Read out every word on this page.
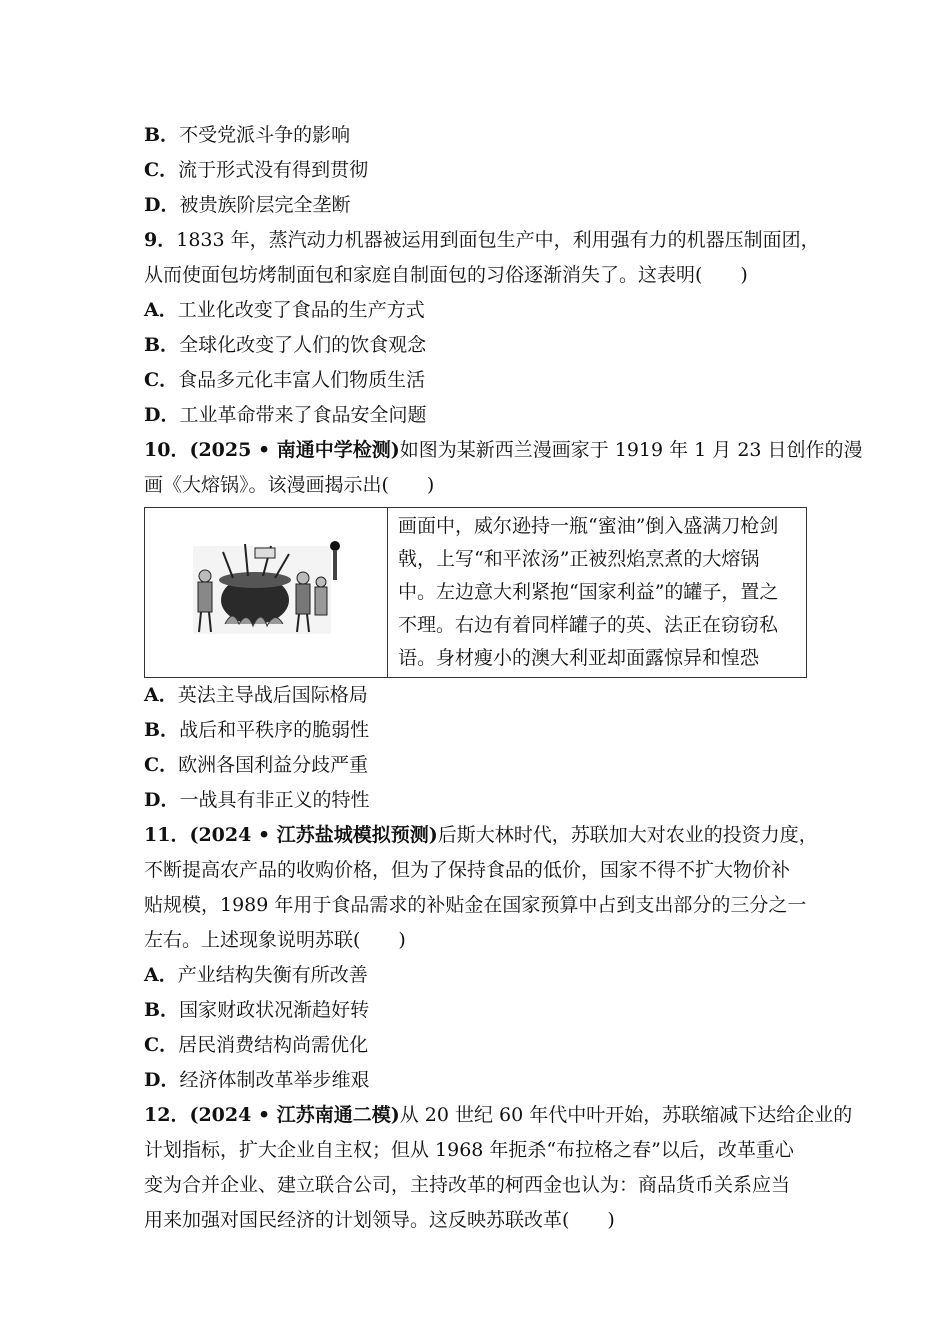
B．不受党派斗争的影响
C．流于形式没有得到贯彻
D．被贵族阶层完全垄断
9．1833 年，蒸汽动力机器被运用到面包生产中，利用强有力的机器压制面团，
从而使面包坊烤制面包和家庭自制面包的习俗逐渐消失了。这表明(　　)
A．工业化改变了食品的生产方式
B．全球化改变了人们的饮食观念
C．食品多元化丰富人们物质生活
D．工业革命带来了食品安全问题
10．(2025 • 南通中学检测)如图为某新西兰漫画家于 1919 年 1 月 23 日创作的漫
画《大熔锅》。该漫画揭示出(　　)

画面中，威尔逊持一瓶“蜜油”倒入盛满刀枪剑
戟，上写“和平浓汤”正被烈焰烹煮的大熔锅
中。左边意大利紧抱“国家利益”的罐子，置之
不理。右边有着同样罐子的英、法正在窃窃私
语。身材瘦小的澳大利亚却面露惊异和惶恐
A．英法主导战后国际格局
B．战后和平秩序的脆弱性
C．欧洲各国利益分歧严重
D．一战具有非正义的特性
11．(2024 • 江苏盐城模拟预测)后斯大林时代，苏联加大对农业的投资力度，
不断提高农产品的收购价格，但为了保持食品的低价，国家不得不扩大物价补
贴规模，1989 年用于食品需求的补贴金在国家预算中占到支出部分的三分之一
左右。上述现象说明苏联(　　)
A．产业结构失衡有所改善
B．国家财政状况渐趋好转
C．居民消费结构尚需优化
D．经济体制改革举步维艰
12．(2024 • 江苏南通二模)从 20 世纪 60 年代中叶开始，苏联缩减下达给企业的
计划指标，扩大企业自主权；但从 1968 年扼杀“布拉格之春”以后，改革重心
变为合并企业、建立联合公司，主持改革的柯西金也认为：商品货币关系应当
用来加强对国民经济的计划领导。这反映苏联改革(　　)
